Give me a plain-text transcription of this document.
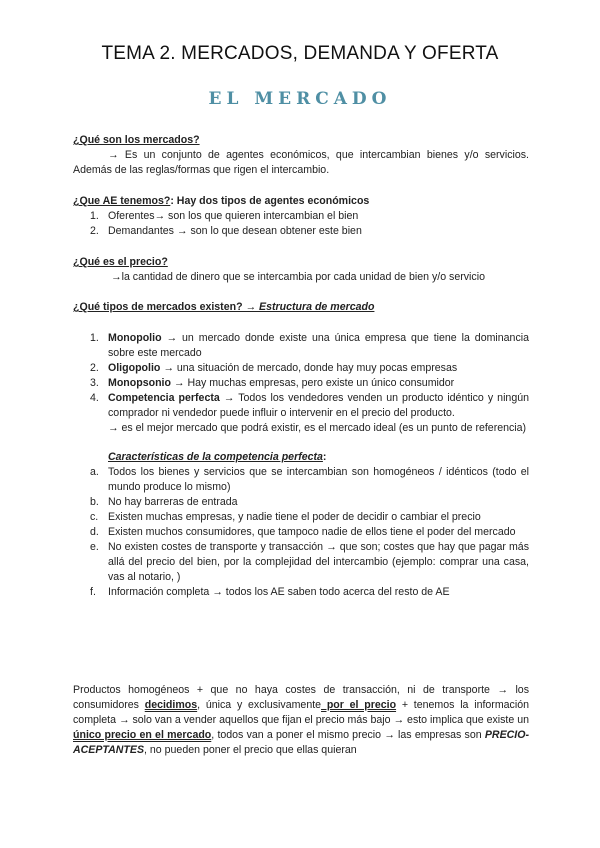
TEMA 2. MERCADOS, DEMANDA Y OFERTA
EL MERCADO
¿Qué son los mercados?
→ Es un conjunto de agentes económicos, que intercambian bienes y/o servicios. Además de las reglas/formas que rigen el intercambio.
¿Que AE tenemos?: Hay dos tipos de agentes económicos
1. Oferentes→ son los que quieren intercambian el bien
2. Demandantes → son lo que desean obtener este bien
¿Qué es el precio?
→la cantidad de dinero que se intercambia por cada unidad de bien y/o servicio
¿Qué tipos de mercados existen? → Estructura de mercado
1. Monopolio → un mercado donde existe una única empresa que tiene la dominancia sobre este mercado
2. Oligopolio → una situación de mercado, donde hay muy pocas empresas
3. Monopsonio → Hay muchas empresas, pero existe un único consumidor
4. Competencia perfecta → Todos los vendedores venden un producto idéntico y ningún comprador ni vendedor puede influir o intervenir en el precio del producto.
→ es el mejor mercado que podrá existir, es el mercado ideal (es un punto de referencia)
Características de la competencia perfecta:
a. Todos los bienes y servicios que se intercambian son homogéneos / idénticos (todo el mundo produce lo mismo)
b. No hay barreras de entrada
c. Existen muchas empresas, y nadie tiene el poder de decidir o cambiar el precio
d. Existen muchos consumidores, que tampoco nadie de ellos tiene el poder del mercado
e. No existen costes de transporte y transacción → que son; costes que hay que pagar más allá del precio del bien, por la complejidad del intercambio (ejemplo: comprar una casa, vas al notario, )
f. Información completa → todos los AE saben todo acerca del resto de AE
Productos homogéneos + que no haya costes de transacción, ni de transporte → los consumidores decidimos, única y exclusivamente por el precio + tenemos la información completa → solo van a vender aquellos que fijan el precio más bajo → esto implica que existe un único precio en el mercado, todos van a poner el mismo precio → las empresas son PRECIO-ACEPTANTES, no pueden poner el precio que ellas quieran
